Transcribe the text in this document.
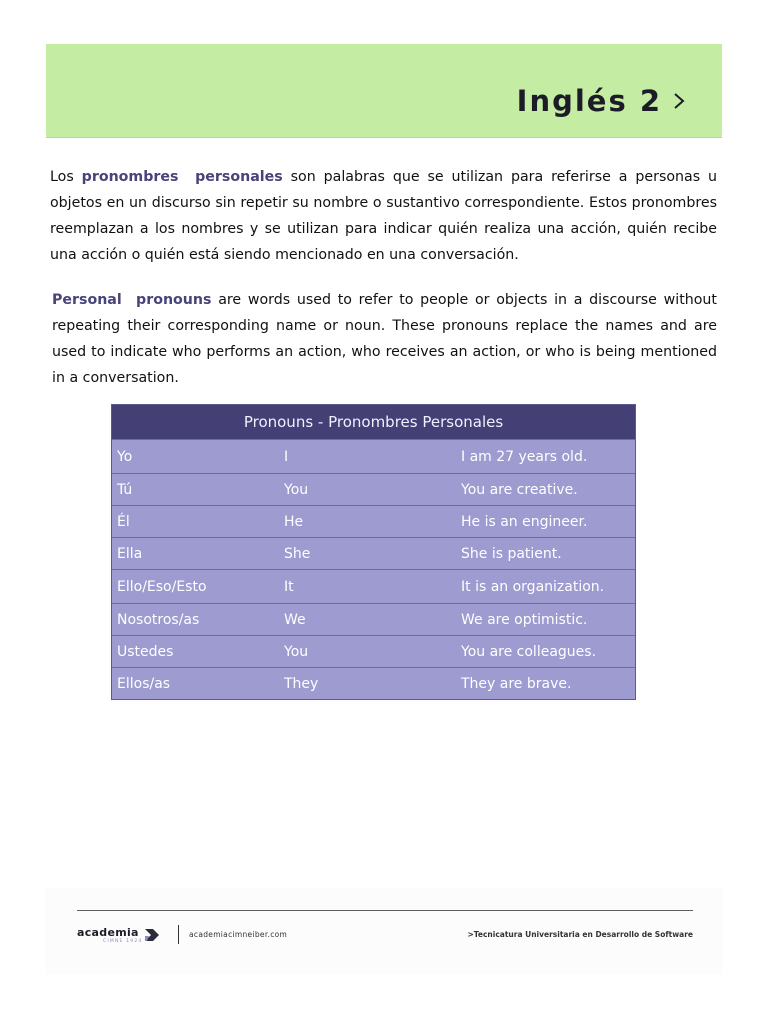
Inglés 2

Los pronombres  personales son palabras que se utilizan para referirse a personas u objetos en un discurso sin repetir su nombre o sustantivo correspondiente. Estos pronombres reemplazan a los nombres y se utilizan para indicar quién realiza una acción, quién recibe una acción o quién está siendo mencionado en una conversación.

Personal  pronouns are words used to refer to people or objects in a discourse without repeating their corresponding name or noun. These pronouns replace the names and are used to indicate who performs an action, who receives an action, or who is being mentioned in a conversation.

Pronouns - Pronombres Personales
Yo	I	I am 27 years old.
Tú	You	You are creative.
Él	He	He is an engineer.
Ella	She	She is patient.
Ello/Eso/Esto	It	It is an organization.
Nosotros/as	We	We are optimistic.
Ustedes	You	You are colleagues.
Ellos/as	They	They are brave.
academia
CIMNE 1924
academiacimneiber.com	>Tecnicatura Universitaria en Desarrollo de Software
